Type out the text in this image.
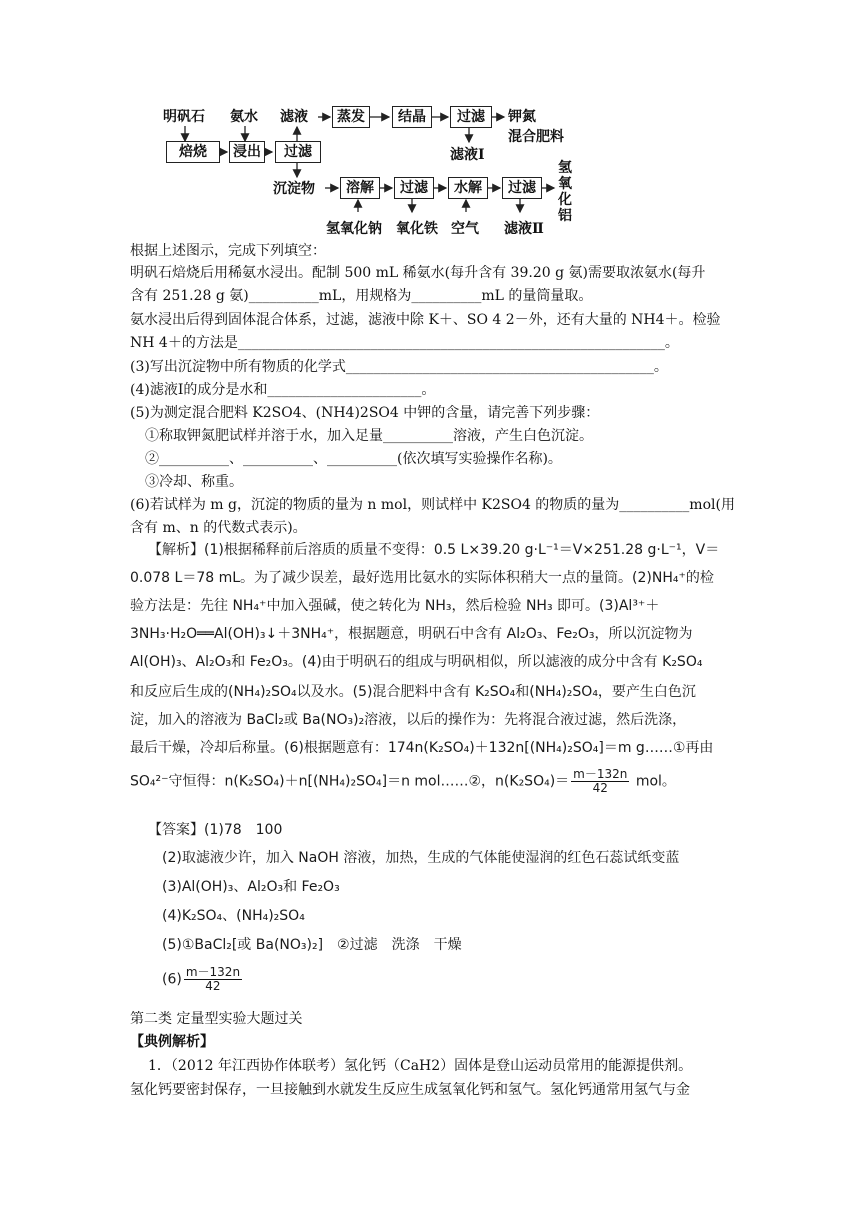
明矾石 氨水 滤液	蒸发	结晶	过滤	钾氮
混合肥料
滤液Ⅰ
焙烧	浸出	过滤
沉淀物	溶解	过滤	水解	过滤
氢氧化铝
氢氧化钠 氧化铁 空气 滤液Ⅱ
根据上述图示，完成下列填空：
明矾石焙烧后用稀氨水浸出。配制 500 mL 稀氨水(每升含有 39.20 g 氨)需要取浓氨水(每升
含有 251.28 g 氨)__________mL，用规格为__________mL 的量筒量取。
氨水浸出后得到固体混合体系，过滤，滤液中除 K＋、SO 4 2－外，还有大量的 NH4＋。检验
NH 4＋的方法是_____________________________________________________________。
(3)写出沉淀物中所有物质的化学式____________________________________________。
(4)滤液Ⅰ的成分是水和______________________。
(5)为测定混合肥料 K2SO4、(NH4)2SO4 中钾的含量，请完善下列步骤：
①称取钾氮肥试样并溶于水，加入足量__________溶液，产生白色沉淀。
②__________、__________、__________(依次填写实验操作名称)。
③冷却、称重。
(6)若试样为 m g，沉淀的物质的量为 n mol，则试样中 K2SO4 的物质的量为__________mol(用
含有 m、n 的代数式表示)。
【解析】(1)根据稀释前后溶质的质量不变得：0.5 L×39.20 g·L⁻¹＝V×251.28 g·L⁻¹，V＝
0.078 L＝78 mL。为了减少误差，最好选用比氨水的实际体积稍大一点的量筒。(2)NH₄⁺的检
验方法是：先往 NH₄⁺中加入强碱，使之转化为 NH₃，然后检验 NH₃ 即可。(3)Al³⁺＋
3NH₃·H₂O══Al(OH)₃↓＋3NH₄⁺，根据题意，明矾石中含有 Al₂O₃、Fe₂O₃，所以沉淀物为
Al(OH)₃、Al₂O₃和 Fe₂O₃。(4)由于明矾石的组成与明矾相似，所以滤液的成分中含有 K₂SO₄
和反应后生成的(NH₄)₂SO₄以及水。(5)混合肥料中含有 K₂SO₄和(NH₄)₂SO₄，要产生白色沉
淀，加入的溶液为 BaCl₂或 Ba(NO₃)₂溶液，以后的操作为：先将混合液过滤，然后洗涤，
最后干燥，冷却后称量。(6)根据题意有：174n(K₂SO₄)＋132n[(NH₄)₂SO₄]＝m g……①再由
SO₄²⁻守恒得：n(K₂SO₄)＋n[(NH₄)₂SO₄]＝n mol……②，$n(K_2SO_4)= \frac{m-132n}{42}$ mol。
【答案】(1)78　100
(2)取滤液少许，加入 NaOH 溶液，加热，生成的气体能使湿润的红色石蕊试纸变蓝
(3)Al(OH)₃、Al₂O₃和 Fe₂O₃
(4)K₂SO₄、(NH₄)₂SO₄
(5)①BaCl₂[或 Ba(NO₃)₂]　②过滤　洗涤　干燥
$(6) \frac{m-132n}{42}$
第二类 定量型实验大题过关
【典例解析】
1．（2012 年江西协作体联考）氢化钙（CaH2）固体是登山运动员常用的能源提供剂。
氢化钙要密封保存，一旦接触到水就发生反应生成氢氧化钙和氢气。氢化钙通常用氢气与金
